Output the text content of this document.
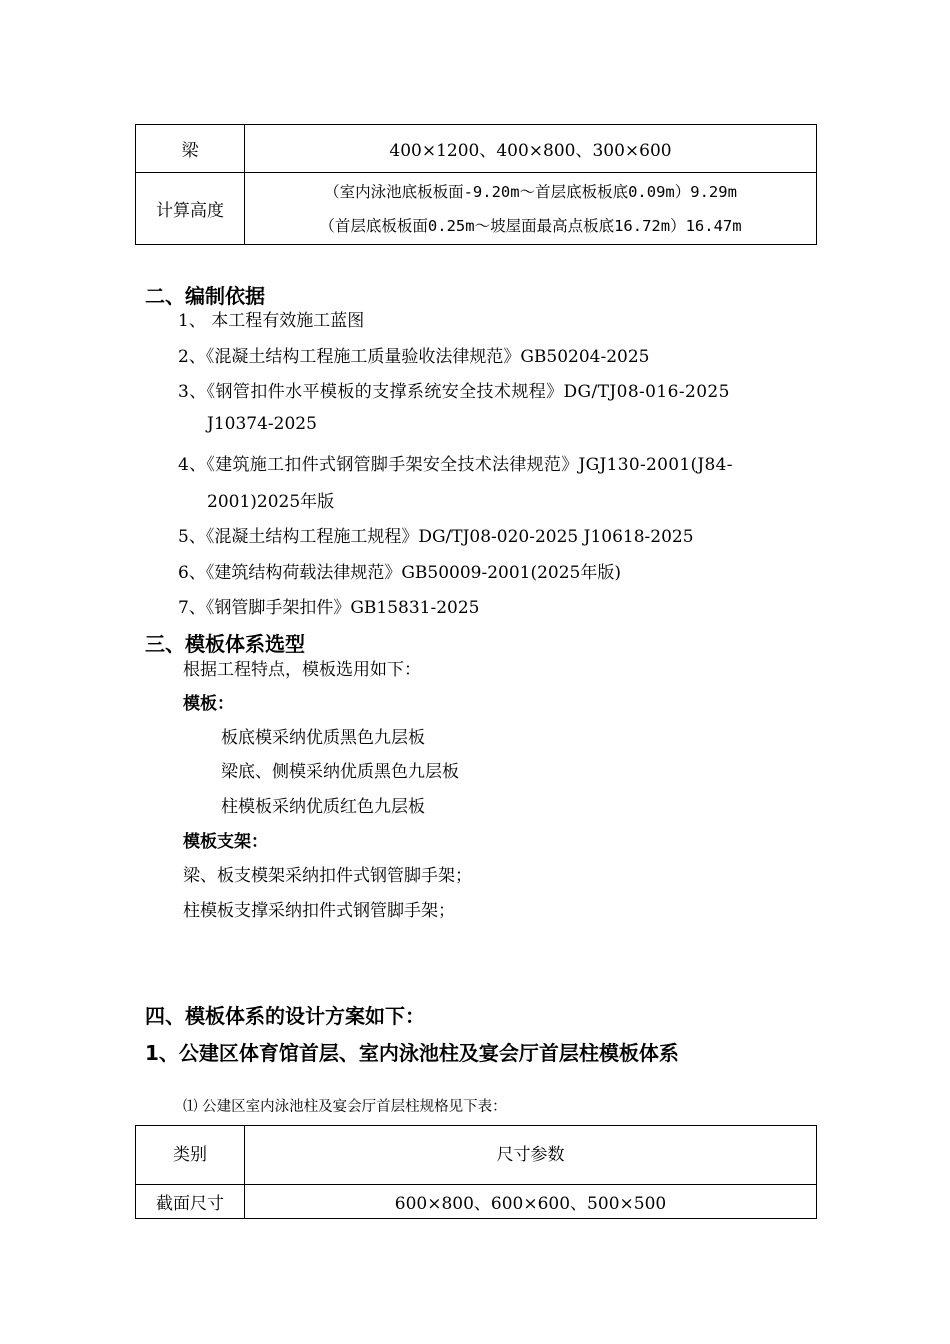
梁	400×1200、400×800、300×600
计算高度	（室内泳池底板板面-9.20m～首层底板板底0.09m）9.29m
（首层底板板面0.25m～坡屋面最高点板底16.72m）16.47m
二、编制依据
1、 本工程有效施工蓝图
2、《混凝土结构工程施工质量验收法律规范》GB50204-2025
3、《钢管扣件水平模板的支撑系统安全技术规程》DG/TJ08-016-2025
J10374-2025
4、《建筑施工扣件式钢管脚手架安全技术法律规范》JGJ130-2001(J84-
2001)2025年版
5、《混凝土结构工程施工规程》DG/TJ08-020-2025 J10618-2025
6、《建筑结构荷载法律规范》GB50009-2001(2025年版)
7、《钢管脚手架扣件》GB15831-2025
三、模板体系选型
根据工程特点，模板选用如下：
模板：
板底模采纳优质黑色九层板
梁底、侧模采纳优质黑色九层板
柱模板采纳优质红色九层板
模板支架：
梁、板支模架采纳扣件式钢管脚手架；
柱模板支撑采纳扣件式钢管脚手架；
四、模板体系的设计方案如下：
1、公建区体育馆首层、室内泳池柱及宴会厅首层柱模板体系
⑴ 公建区室内泳池柱及宴会厅首层柱规格见下表：
类别	尺寸参数
截面尺寸	600×800、600×600、500×500
